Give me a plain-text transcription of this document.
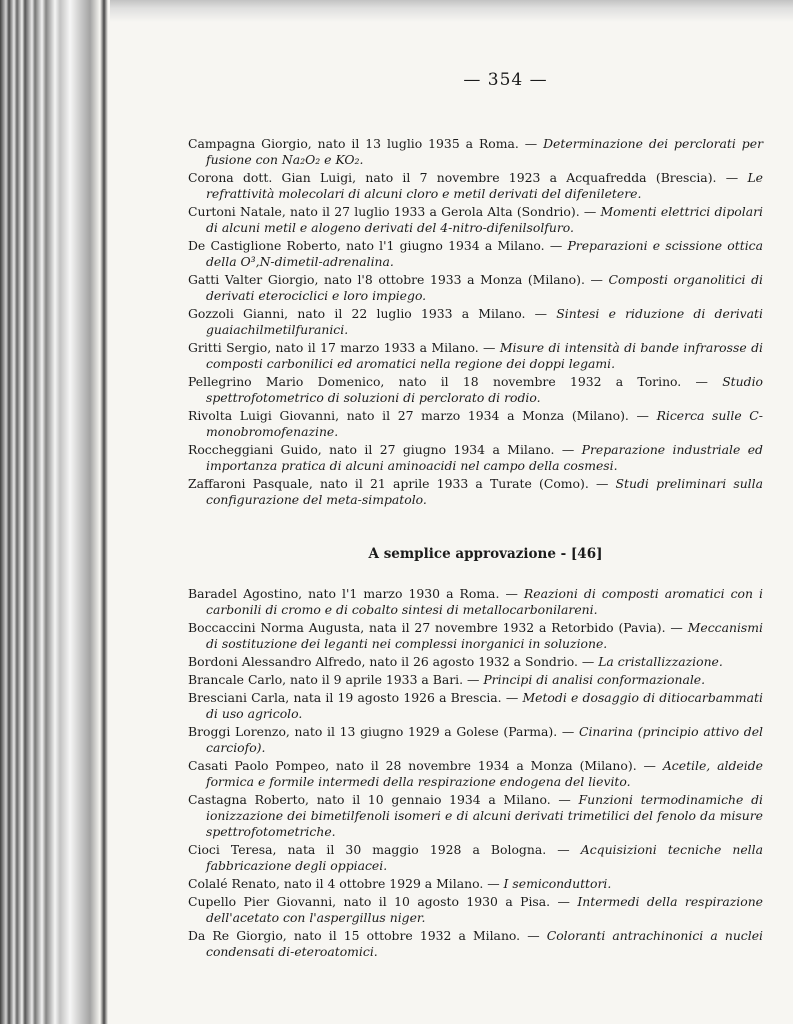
— 354 —

Campagna Giorgio, nato il 13 luglio 1935 a Roma. — Determinazione dei perclorati per fusione con Na₂O₂ e KO₂.

Corona dott. Gian Luigi, nato il 7 novembre 1923 a Acquafredda (Brescia). — Le refrattività molecolari di alcuni cloro e metil derivati del difeniletere.

Curtoni Natale, nato il 27 luglio 1933 a Gerola Alta (Sondrio). — Momenti elettrici dipolari di alcuni metil e alogeno derivati del 4-nitro-difenilsolfuro.

De Castiglione Roberto, nato l'1 giugno 1934 a Milano. — Preparazioni e scissione ottica della O³,N-dimetil-adrenalina.

Gatti Valter Giorgio, nato l'8 ottobre 1933 a Monza (Milano). — Composti organolitici di derivati eterociclici e loro impiego.

Gozzoli Gianni, nato il 22 luglio 1933 a Milano. — Sintesi e riduzione di derivati guaiachilmetilfuranici.

Gritti Sergio, nato il 17 marzo 1933 a Milano. — Misure di intensità di bande infrarosse di composti carbonilici ed aromatici nella regione dei doppi legami.

Pellegrino Mario Domenico, nato il 18 novembre 1932 a Torino. — Studio spettrofotometrico di soluzioni di perclorato di rodio.

Rivolta Luigi Giovanni, nato il 27 marzo 1934 a Monza (Milano). — Ricerca sulle C-monobromofenazine.

Roccheggiani Guido, nato il 27 giugno 1934 a Milano. — Preparazione industriale ed importanza pratica di alcuni aminoacidi nel campo della cosmesi.

Zaffaroni Pasquale, nato il 21 aprile 1933 a Turate (Como). — Studi preliminari sulla configurazione del meta-simpatolo.

A semplice approvazione - [46]

Baradel Agostino, nato l'1 marzo 1930 a Roma. — Reazioni di composti aromatici con i carbonili di cromo e di cobalto sintesi di metallocarbonilareni.

Boccaccini Norma Augusta, nata il 27 novembre 1932 a Retorbido (Pavia). — Meccanismi di sostituzione dei leganti nei complessi inorganici in soluzione.

Bordoni Alessandro Alfredo, nato il 26 agosto 1932 a Sondrio. — La cristallizzazione.

Brancale Carlo, nato il 9 aprile 1933 a Bari. — Principi di analisi conformazionale.

Bresciani Carla, nata il 19 agosto 1926 a Brescia. — Metodi e dosaggio di ditiocarbammati di uso agricolo.

Broggi Lorenzo, nato il 13 giugno 1929 a Golese (Parma). — Cinarina (principio attivo del carciofo).

Casati Paolo Pompeo, nato il 28 novembre 1934 a Monza (Milano). — Acetile, aldeide formica e formile intermedi della respirazione endogena del lievito.

Castagna Roberto, nato il 10 gennaio 1934 a Milano. — Funzioni termodinamiche di ionizzazione dei bimetilfenoli isomeri e di alcuni derivati trimetilici del fenolo da misure spettrofotometriche.

Cioci Teresa, nata il 30 maggio 1928 a Bologna. — Acquisizioni tecniche nella fabbricazione degli oppiacei.

Colalé Renato, nato il 4 ottobre 1929 a Milano. — I semiconduttori.

Cupello Pier Giovanni, nato il 10 agosto 1930 a Pisa. — Intermedi della respirazione dell'acetato con l'aspergillus niger.

Da Re Giorgio, nato il 15 ottobre 1932 a Milano. — Coloranti antrachinonici a nuclei condensati di-eteroatomici.
